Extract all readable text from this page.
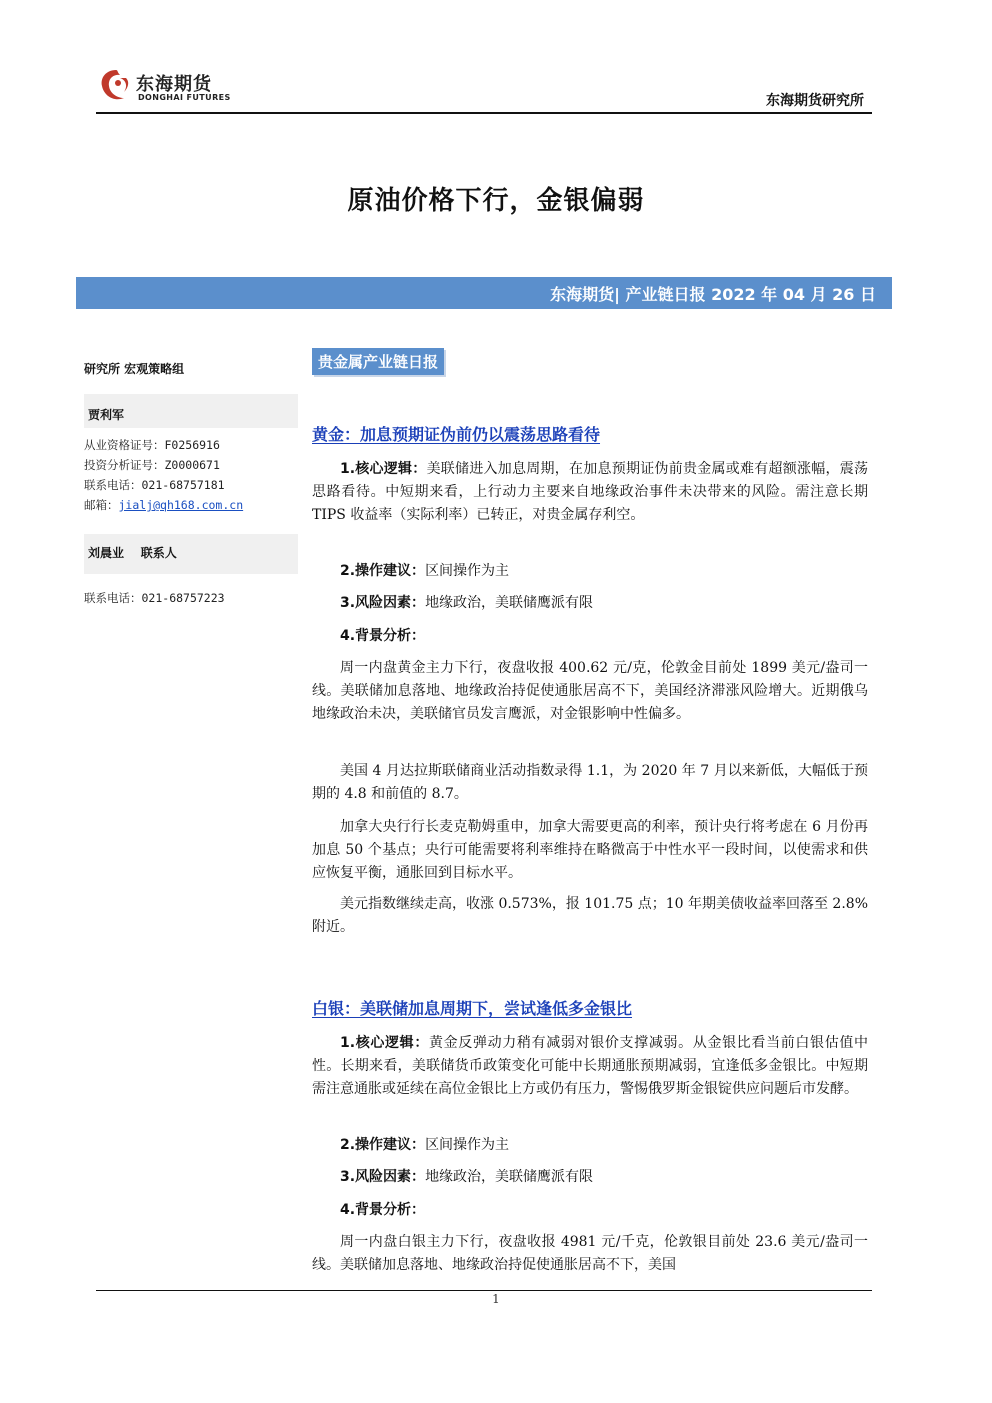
东海期货
DONGHAI FUTURES	东海期货研究所
原油价格下行，金银偏弱
东海期货| 产业链日报 2022 年 04 月 26 日
研究所 宏观策略组
贾利军
从业资格证号：F0256916
投资分析证号：Z0000671
联系电话：021-68757181
邮箱：jialj@qh168.com.cn
刘晨业    联系人
联系电话：021-68757223
贵金属产业链日报
黄金：加息预期证伪前仍以震荡思路看待
1.核心逻辑：美联储进入加息周期，在加息预期证伪前贵金属或难有超额涨幅，震荡思路看待。中短期来看，上行动力主要来自地缘政治事件未决带来的风险。需注意长期 TIPS 收益率（实际利率）已转正，对贵金属存利空。
2.操作建议：区间操作为主
3.风险因素：地缘政治，美联储鹰派有限
4.背景分析：
周一内盘黄金主力下行，夜盘收报 400.62 元/克，伦敦金目前处 1899 美元/盎司一线。美联储加息落地、地缘政治持促使通胀居高不下，美国经济滞涨风险增大。近期俄乌地缘政治未决，美联储官员发言鹰派，对金银影响中性偏多。
美国 4 月达拉斯联储商业活动指数录得 1.1，为 2020 年 7 月以来新低，大幅低于预期的 4.8 和前值的 8.7。
加拿大央行行长麦克勒姆重申，加拿大需要更高的利率，预计央行将考虑在 6 月份再加息 50 个基点；央行可能需要将利率维持在略微高于中性水平一段时间，以使需求和供应恢复平衡，通胀回到目标水平。
美元指数继续走高，收涨 0.573%，报 101.75 点；10 年期美债收益率回落至 2.8%附近。
白银：美联储加息周期下，尝试逢低多金银比
1.核心逻辑：黄金反弹动力稍有减弱对银价支撑减弱。从金银比看当前白银估值中性。长期来看，美联储货币政策变化可能中长期通胀预期减弱，宜逢低多金银比。中短期需注意通胀或延续在高位金银比上方或仍有压力，警惕俄罗斯金银锭供应问题后市发酵。
2.操作建议：区间操作为主
3.风险因素：地缘政治，美联储鹰派有限
4.背景分析：
周一内盘白银主力下行，夜盘收报 4981 元/千克，伦敦银目前处 23.6 美元/盎司一线。美联储加息落地、地缘政治持促使通胀居高不下，美国
1
